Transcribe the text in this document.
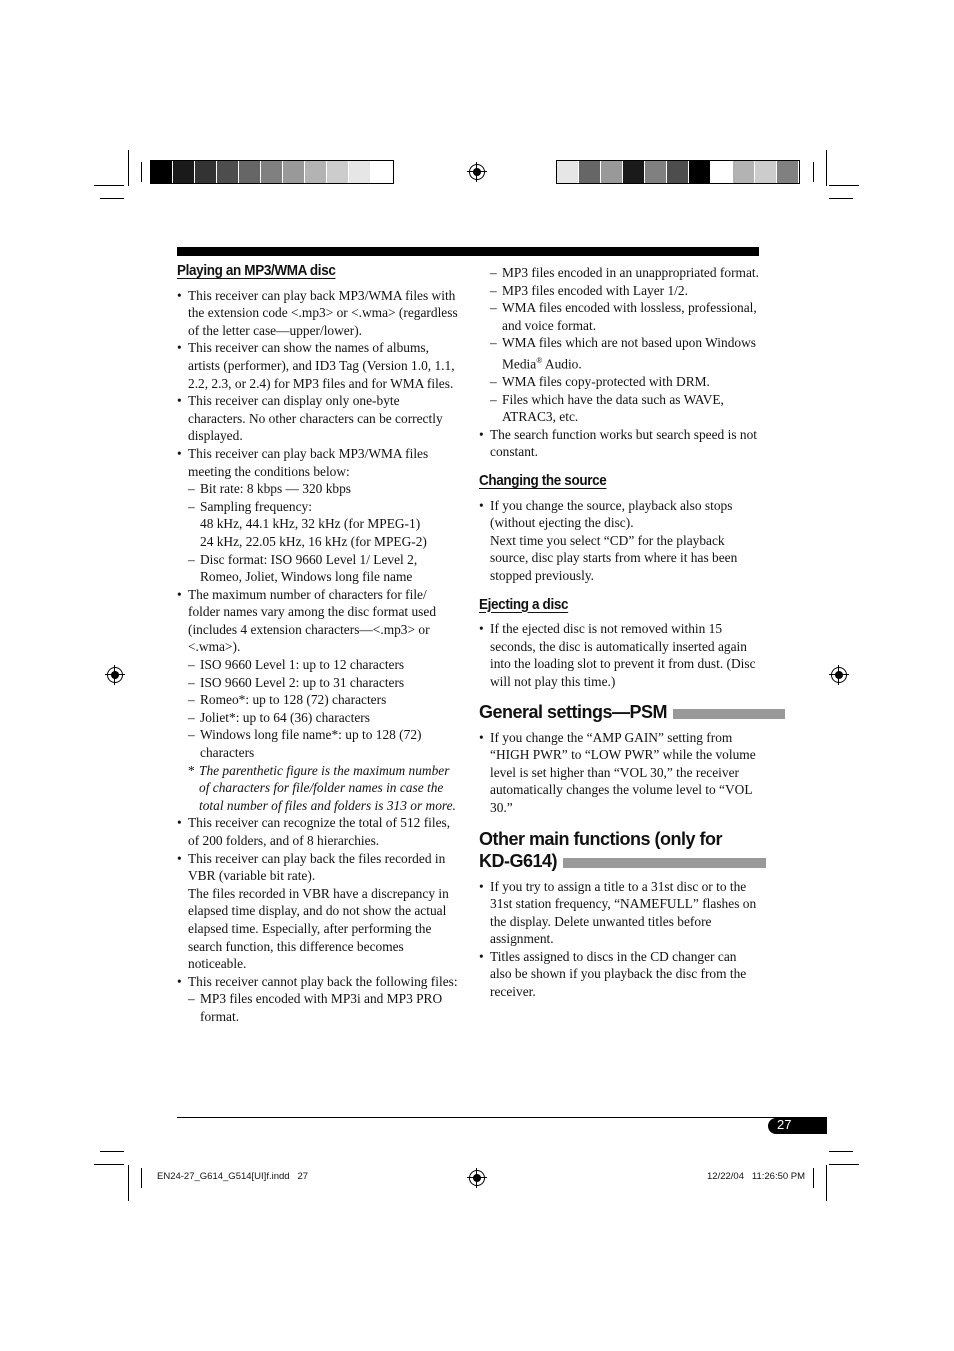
Playing an MP3/WMA disc
• This receiver can play back MP3/WMA files with the extension code <.mp3> or <.wma> (regardless of the letter case—upper/lower).
• This receiver can show the names of albums, artists (performer), and ID3 Tag (Version 1.0, 1.1, 2.2, 2.3, or 2.4) for MP3 files and for WMA files.
• This receiver can display only one-byte characters. No other characters can be correctly displayed.
• This receiver can play back MP3/WMA files meeting the conditions below:
– Bit rate: 8 kbps — 320 kbps
– Sampling frequency:
48 kHz, 44.1 kHz, 32 kHz (for MPEG-1)
24 kHz, 22.05 kHz, 16 kHz (for MPEG-2)
– Disc format: ISO 9660 Level 1/ Level 2, Romeo, Joliet, Windows long file name
• The maximum number of characters for file/ folder names vary among the disc format used (includes 4 extension characters—<.mp3> or <.wma>).
– ISO 9660 Level 1: up to 12 characters
– ISO 9660 Level 2: up to 31 characters
– Romeo*: up to 128 (72) characters
– Joliet*: up to 64 (36) characters
– Windows long file name*: up to 128 (72) characters
* The parenthetic figure is the maximum number of characters for file/folder names in case the total number of files and folders is 313 or more.
• This receiver can recognize the total of 512 files, of 200 folders, and of 8 hierarchies.
• This receiver can play back the files recorded in VBR (variable bit rate).
The files recorded in VBR have a discrepancy in elapsed time display, and do not show the actual elapsed time. Especially, after performing the search function, this difference becomes noticeable.
• This receiver cannot play back the following files:
– MP3 files encoded with MP3i and MP3 PRO format.
– MP3 files encoded in an unappropriated format.
– MP3 files encoded with Layer 1/2.
– WMA files encoded with lossless, professional, and voice format.
– WMA files which are not based upon Windows Media® Audio.
– WMA files copy-protected with DRM.
– Files which have the data such as WAVE, ATRAC3, etc.
• The search function works but search speed is not constant.
Changing the source
• If you change the source, playback also stops (without ejecting the disc).
Next time you select “CD” for the playback source, disc play starts from where it has been stopped previously.
Ejecting a disc
• If the ejected disc is not removed within 15 seconds, the disc is automatically inserted again into the loading slot to prevent it from dust. (Disc will not play this time.)
General settings—PSM
• If you change the “AMP GAIN” setting from “HIGH PWR” to “LOW PWR” while the volume level is set higher than “VOL 30,” the receiver automatically changes the volume level to “VOL 30.”
Other main functions (only for
KD-G614)
• If you try to assign a title to a 31st disc or to the 31st station frequency, “NAMEFULL” flashes on the display. Delete unwanted titles before assignment.
• Titles assigned to discs in the CD changer can also be shown if you playback the disc from the receiver.
27
EN24-27_G614_G514[UI]f.indd   27	12/22/04   11:26:50 PM
